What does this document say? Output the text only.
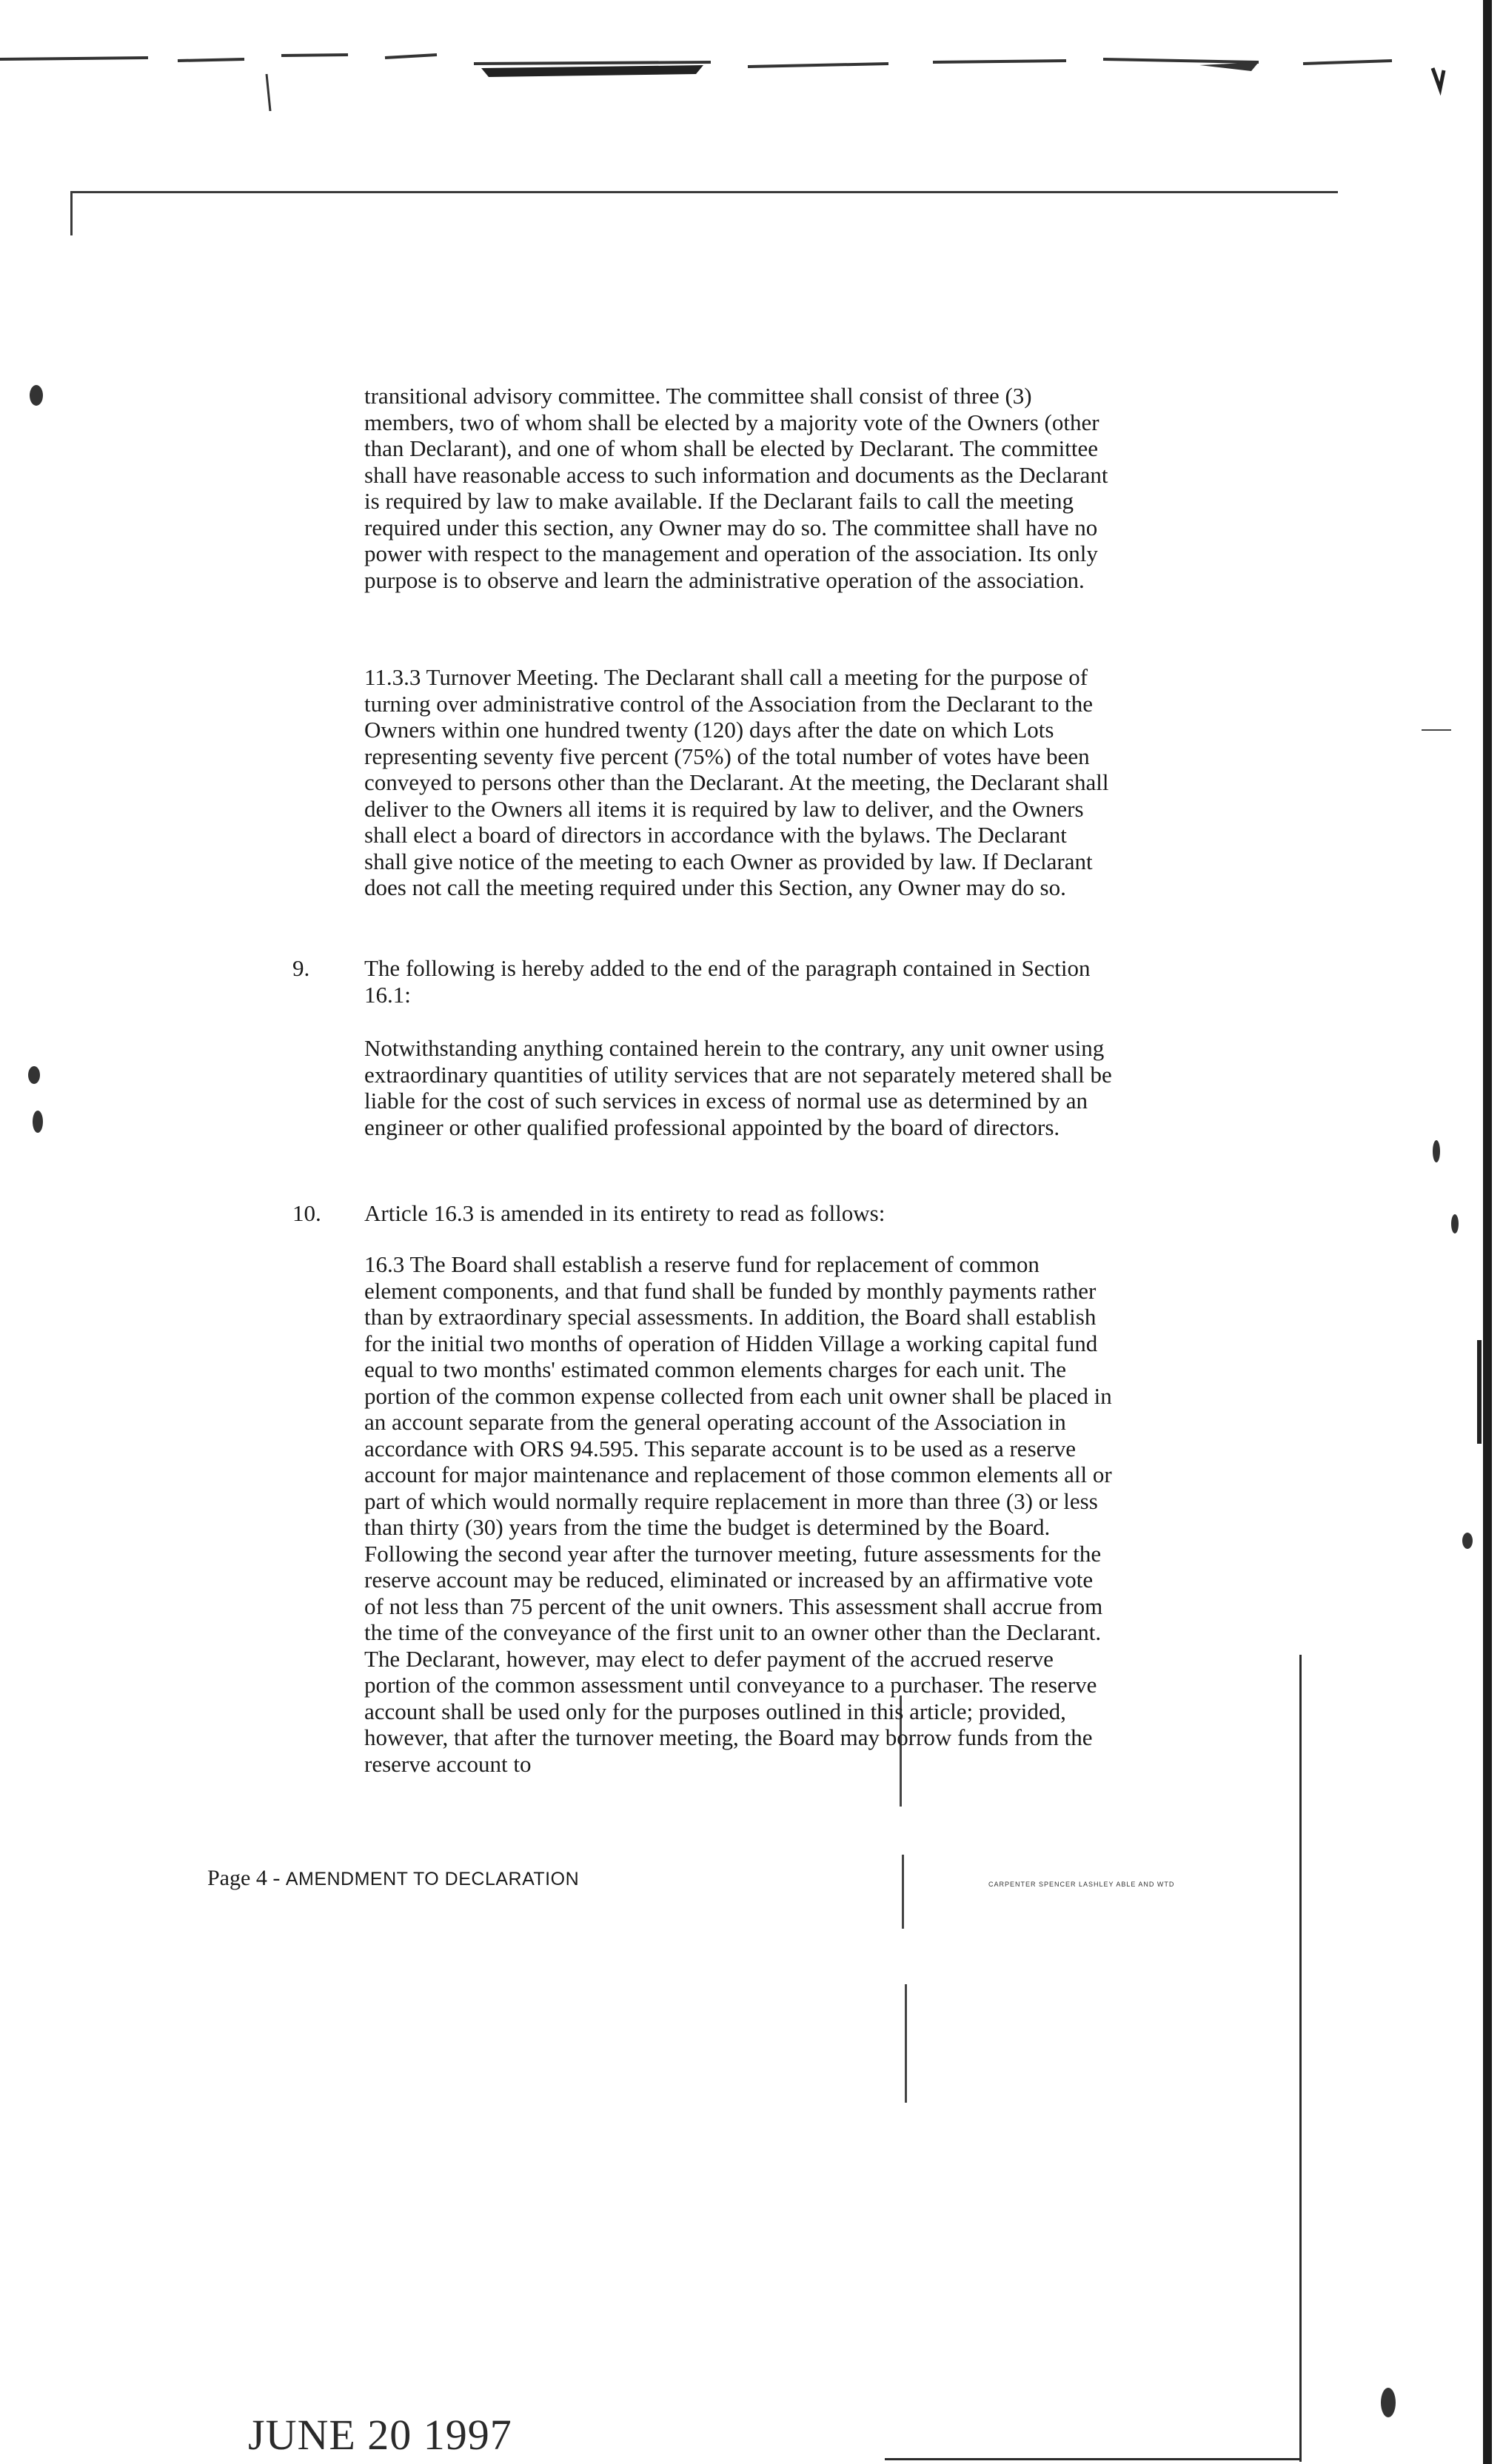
transitional advisory committee. The committee shall consist of three (3) members, two of whom shall be elected by a majority vote of the Owners (other than Declarant), and one of whom shall be elected by Declarant. The committee shall have reasonable access to such information and documents as the Declarant is required by law to make available. If the Declarant fails to call the meeting required under this section, any Owner may do so. The committee shall have no power with respect to the management and operation of the association. Its only purpose is to observe and learn the administrative operation of the association.

11.3.3 Turnover Meeting. The Declarant shall call a meeting for the purpose of turning over administrative control of the Association from the Declarant to the Owners within one hundred twenty (120) days after the date on which Lots representing seventy five percent (75%) of the total number of votes have been conveyed to persons other than the Declarant. At the meeting, the Declarant shall deliver to the Owners all items it is required by law to deliver, and the Owners shall elect a board of directors in accordance with the bylaws. The Declarant shall give notice of the meeting to each Owner as provided by law. If Declarant does not call the meeting required under this Section, any Owner may do so.

9. The following is hereby added to the end of the paragraph contained in Section 16.1:

Notwithstanding anything contained herein to the contrary, any unit owner using extraordinary quantities of utility services that are not separately metered shall be liable for the cost of such services in excess of normal use as determined by an engineer or other qualified professional appointed by the board of directors.

10. Article 16.3 is amended in its entirety to read as follows:

16.3 The Board shall establish a reserve fund for replacement of common element components, and that fund shall be funded by monthly payments rather than by extraordinary special assessments. In addition, the Board shall establish for the initial two months of operation of Hidden Village a working capital fund equal to two months' estimated common elements charges for each unit. The portion of the common expense collected from each unit owner shall be placed in an account separate from the general operating account of the Association in accordance with ORS 94.595. This separate account is to be used as a reserve account for major maintenance and replacement of those common elements all or part of which would normally require replacement in more than three (3) or less than thirty (30) years from the time the budget is determined by the Board. Following the second year after the turnover meeting, future assessments for the reserve account may be reduced, eliminated or increased by an affirmative vote of not less than 75 percent of the unit owners. This assessment shall accrue from the time of the conveyance of the first unit to an owner other than the Declarant. The Declarant, however, may elect to defer payment of the accrued reserve portion of the common assessment until conveyance to a purchaser. The reserve account shall be used only for the purposes outlined in this article; provided, however, that after the turnover meeting, the Board may borrow funds from the reserve account to

Page 4 - AMENDMENT TO DECLARATION	CARPENTER SPENCER LASHLEY ABLE AND WTD
JUNE 20 1997
